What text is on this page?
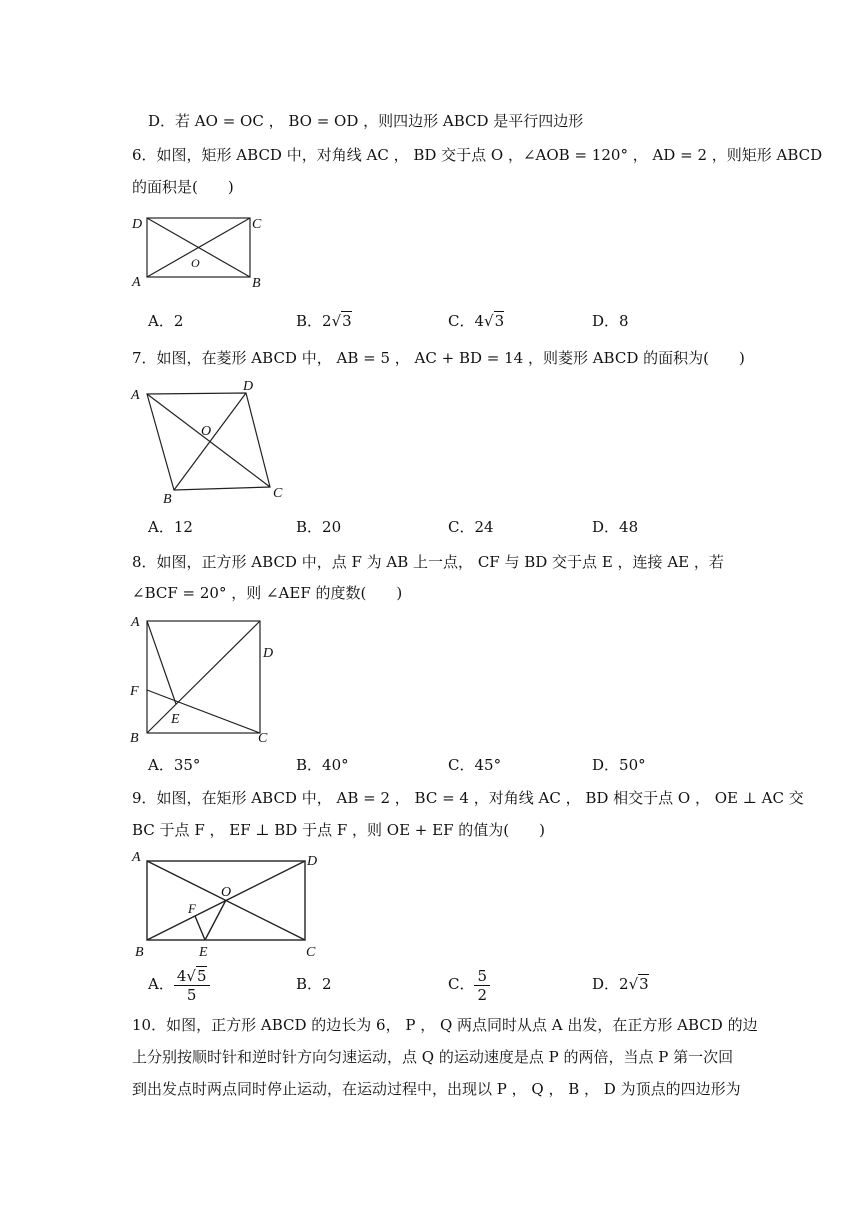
D．若 AO = OC ， BO = OD ，则四边形 ABCD 是平行四边形
6．如图，矩形 ABCD 中，对角线 AC ， BD 交于点 O ，∠AOB = 120° ， AD = 2 ，则矩形 ABCD
的面积是(　　)
D	C
A	B
O
A．2	B．2√3	C．4√3	D．8
7．如图，在菱形 ABCD 中， AB = 5 ， AC + BD = 14 ，则菱形 ABCD 的面积为(　　)
A
D
O
B	C
A．12	B．20	C．24	D．48
8．如图，正方形 ABCD 中，点 F 为 AB 上一点， CF 与 BD 交于点 E ，连接 AE ，若
∠BCF = 20° ，则 ∠AEF 的度数(　　)
A
D
F
E
B	C
A．35°	B．40°	C．45°	D．50°
9．如图，在矩形 ABCD 中， AB = 2 ， BC = 4 ，对角线 AC ， BD 相交于点 O ， OE ⊥ AC 交
BC 于点 F ， EF ⊥ BD 于点 F ，则 OE + EF 的值为(　　)
A	D
O
F
B	E	C
A． $\frac{4√5}{5}$	B．2	C． $\frac{5}{2}$	D．2√3
10．如图，正方形 ABCD 的边长为 6， P ， Q 两点同时从点 A 出发，在正方形 ABCD 的边
上分别按顺时针和逆时针方向匀速运动，点 Q 的运动速度是点 P 的两倍，当点 P 第一次回
到出发点时两点同时停止运动，在运动过程中，出现以 P ， Q ， B ， D 为顶点的四边形为
